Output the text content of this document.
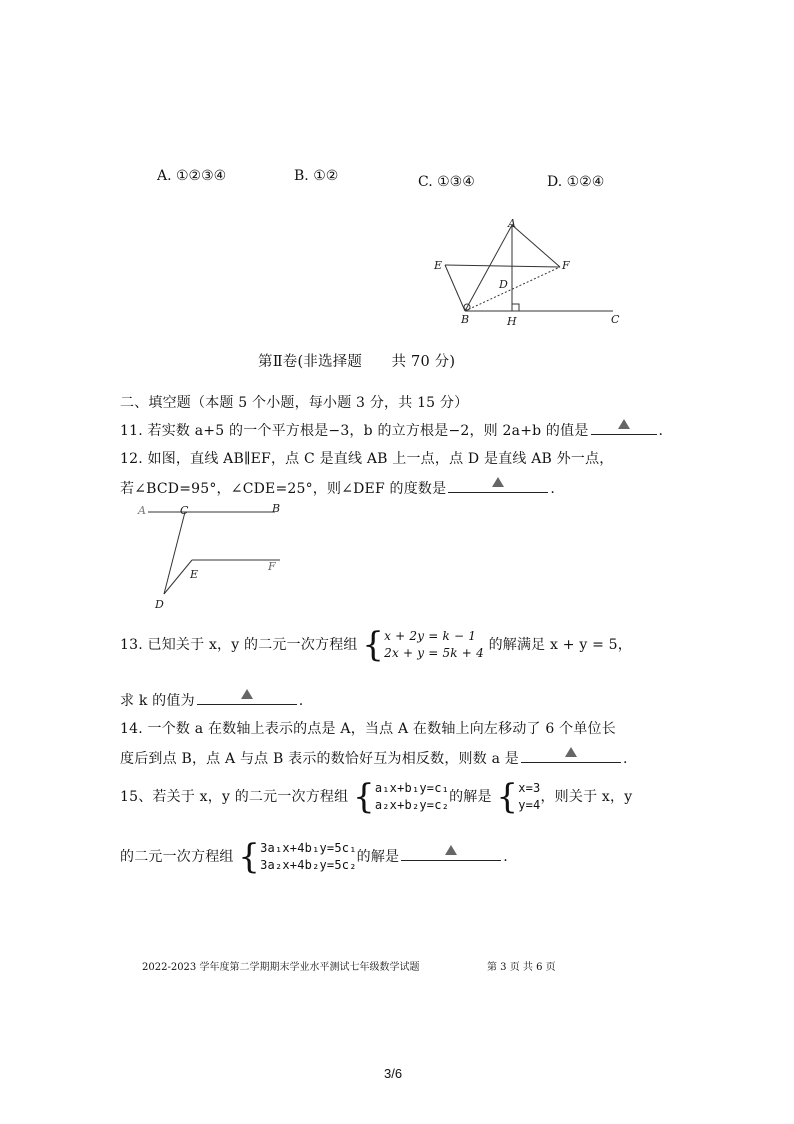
A. ①②③④	B. ①②	C. ①③④	D. ①②④
A
E	F
D
B	H	C
第Ⅱ卷(非选择题　　共 70 分)
二、填空题（本题 5 个小题，每小题 3 分，共 15 分）
11. 若实数 a+5 的一个平方根是−3，b 的立方根是−2，则 2a+b 的值是	.
12. 如图，直线 AB∥EF，点 C 是直线 AB 上一点，点 D 是直线 AB 外一点，
若∠BCD=95°，∠CDE=25°，则∠DEF 的度数是	.
A	C	B
E
F
D
13. 已知关于 x，y 的二元一次方程组 { x + 2y = k − 1
2x + y = 5k + 4 的解满足 x + y = 5，
求 k 的值为	.
14. 一个数 a 在数轴上表示的点是 A，当点 A 在数轴上向左移动了 6 个单位长
度后到点 B，点 A 与点 B 表示的数恰好互为相反数，则数 a 是	.
15、若关于 x，y 的二元一次方程组 { a₁x+b₁y=c₁
a₂x+b₂y=c₂ 的解是 { x=3
y=4 ，则关于 x，y
的二元一次方程组 { 3a₁x+4b₁y=5c₁
3a₂x+4b₂y=5c₂ 的解是	.
2022-2023 学年度第二学期期末学业水平测试七年级数学试题	第 3 页 共 6 页
3/6
